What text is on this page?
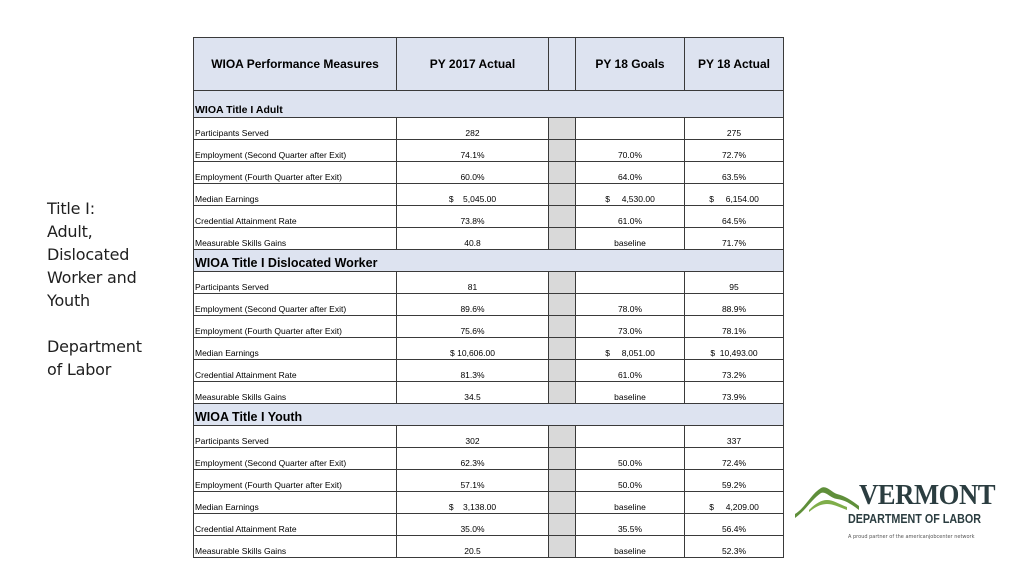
Title I:
Adult,
Dislocated
Worker and
Youth
Department
of Labor
WIOA Performance Measures	PY 2017 Actual		PY 18 Goals	PY 18 Actual
WIOA Title I Adult				
Participants Served	282			275
Employment (Second Quarter after Exit)	74.1%		70.0%	72.7%
Employment (Fourth Quarter after Exit)	60.0%		64.0%	63.5%
Median Earnings	$    5,045.00		$     4,530.00	$     6,154.00
Credential Attainment Rate	73.8%		61.0%	64.5%
Measurable Skills Gains	40.8		baseline	71.7%
WIOA Title I Dislocated Worker				
Participants Served	81			95
Employment (Second Quarter after Exit)	89.6%		78.0%	88.9%
Employment (Fourth Quarter after Exit)	75.6%		73.0%	78.1%
Median Earnings	$ 10,606.00		$     8,051.00	$  10,493.00
Credential Attainment Rate	81.3%		61.0%	73.2%
Measurable Skills Gains	34.5		baseline	73.9%
WIOA Title I Youth				
Participants Served	302			337
Employment (Second Quarter after Exit)	62.3%		50.0%	72.4%
Employment (Fourth Quarter after Exit)	57.1%		50.0%	59.2%
Median Earnings	$    3,138.00		baseline	$     4,209.00
Credential Attainment Rate	35.0%		35.5%	56.4%
Measurable Skills Gains	20.5		baseline	52.3%
VERMONT
DEPARTMENT OF LABOR
A proud partner of the americanjobcenter network
